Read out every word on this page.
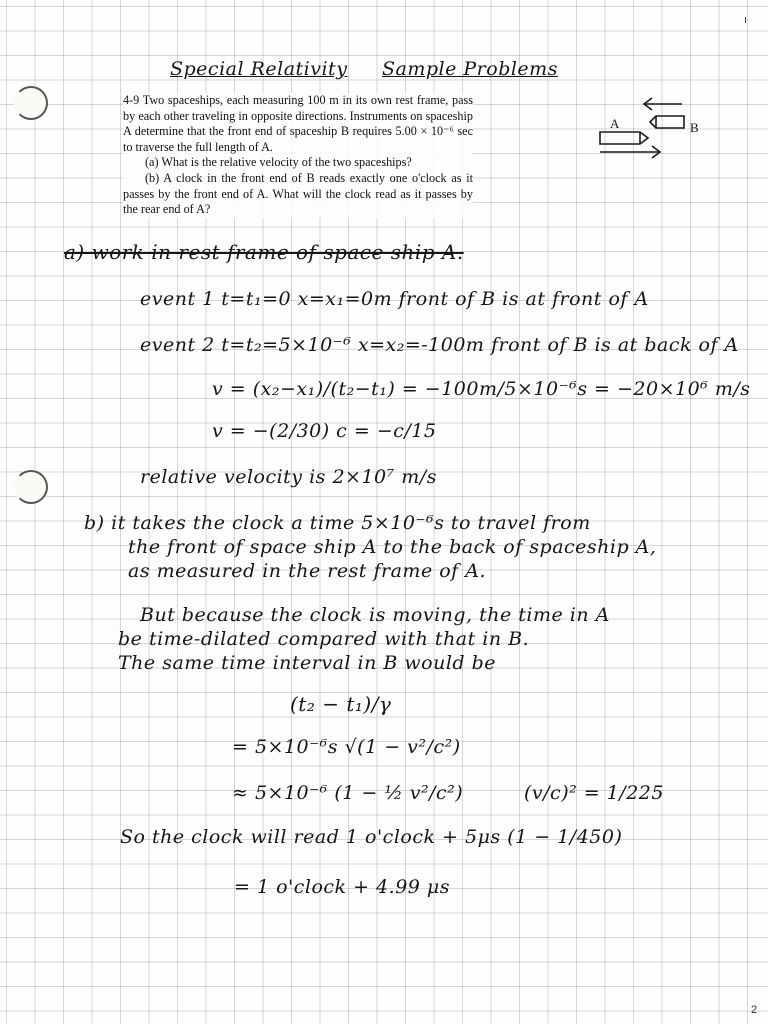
ı
2
Special Relativity Sample Problems

4-9 Two spaceships, each measuring 100 m in its own rest frame, pass by each other traveling in opposite directions. Instruments on spaceship A determine that the front end of spaceship B requires 5.00 × 10⁻⁶ sec to traverse the full length of A.

(a) What is the relative velocity of the two spaceships?

(b) A clock in the front end of B reads exactly one o'clock as it passes by the front end of A. What will the clock read as it passes by the rear end of A?

A	B
a) work in rest frame of space ship A.
event 1 t=t₁=0 x=x₁=0m front of B is at front of A
event 2 t=t₂=5×10⁻⁶ x=x₂=-100m front of B is at back of A
v = (x₂−x₁)/(t₂−t₁) = −100m/5×10⁻⁶s = −20×10⁶ m/s
v = −(2/30) c = −c/15
relative velocity is 2×10⁷ m/s
b) it takes the clock a time 5×10⁻⁶s to travel from
the front of space ship A to the back of spaceship A,
as measured in the rest frame of A.
But because the clock is moving, the time in A
be time-dilated compared with that in B.
The same time interval in B would be
(t₂ − t₁)/γ
= 5×10⁻⁶s √(1 − v²/c²)
≈ 5×10⁻⁶ (1 − ½ v²/c²)	(v/c)² = 1/225
So the clock will read 1 o'clock + 5μs (1 − 1/450)
= 1 o'clock + 4.99 μs
